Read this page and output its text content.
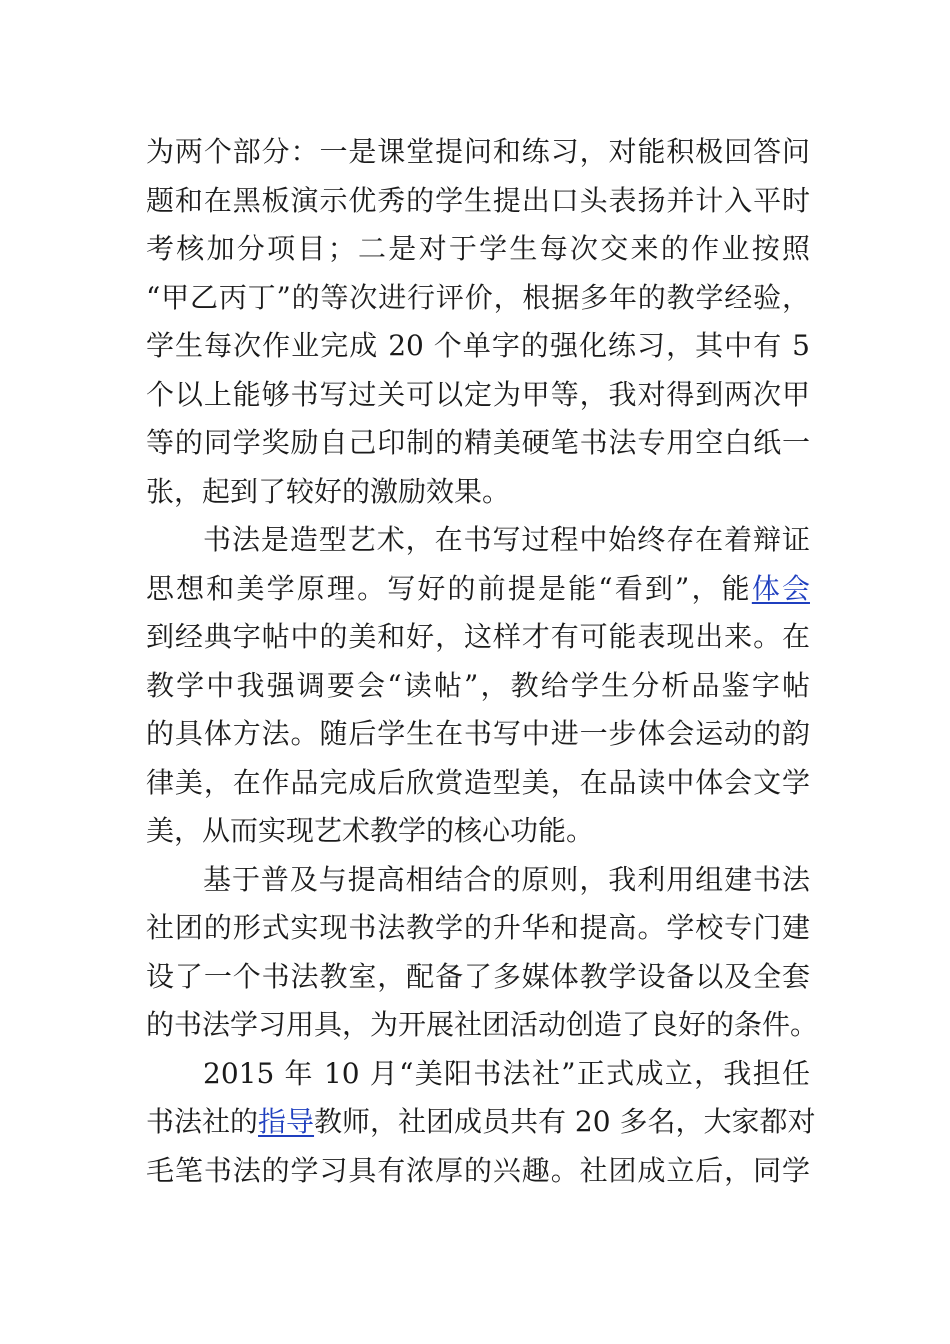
为两个部分：一是课堂提问和练习，对能积极回答问
题和在黑板演示优秀的学生提出口头表扬并计入平时
考核加分项目；二是对于学生每次交来的作业按照
“甲乙丙丁”的等次进行评价，根据多年的教学经验，
学生每次作业完成 20 个单字的强化练习，其中有 5
个以上能够书写过关可以定为甲等，我对得到两次甲
等的同学奖励自己印制的精美硬笔书法专用空白纸一
张，起到了较好的激励效果。
书法是造型艺术，在书写过程中始终存在着辩证
思想和美学原理。写好的前提是能“看到”，能体会
到经典字帖中的美和好，这样才有可能表现出来。在
教学中我强调要会“读帖”，教给学生分析品鉴字帖
的具体方法。随后学生在书写中进一步体会运动的韵
律美，在作品完成后欣赏造型美，在品读中体会文学
美，从而实现艺术教学的核心功能。
基于普及与提高相结合的原则，我利用组建书法
社团的形式实现书法教学的升华和提高。学校专门建
设了一个书法教室，配备了多媒体教学设备以及全套
的书法学习用具，为开展社团活动创造了良好的条件。
2015 年 10 月“美阳书法社”正式成立，我担任
书法社的指导教师，社团成员共有 20 多名，大家都对
毛笔书法的学习具有浓厚的兴趣。社团成立后，同学
